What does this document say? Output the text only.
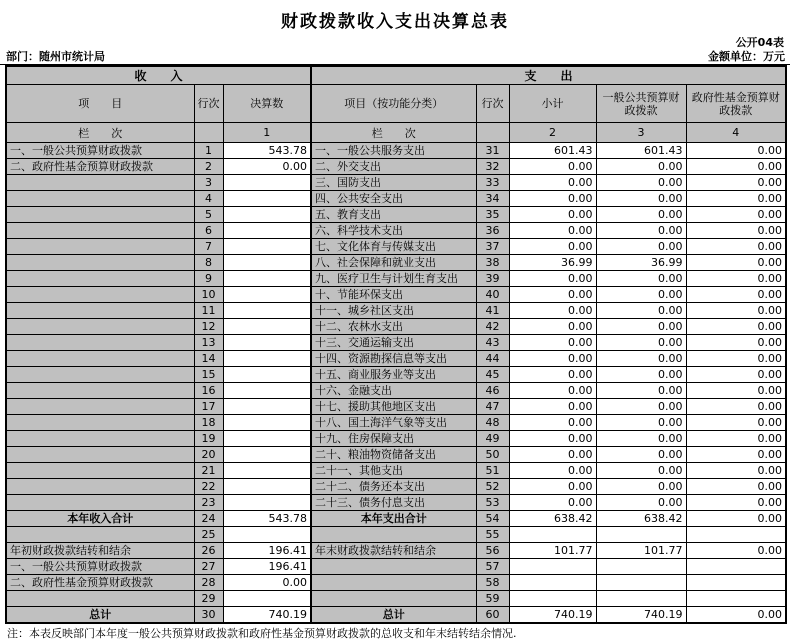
财政拨款收入支出决算总表
公开04表
部门：随州市统计局	金额单位：万元
收　　入			支　　出				
项　　目	行次	决算数	项目（按功能分类）	行次	小计	一般公共预算财政拨款	政府性基金预算财政拨款
栏　　次		1	栏　　次		2	3	4
一、一般公共预算财政拨款	1	543.78	一、一般公共服务支出	31	601.43	601.43	0.00
二、政府性基金预算财政拨款	2	0.00	二、外交支出	32	0.00	0.00	0.00
	3		三、国防支出	33	0.00	0.00	0.00
	4		四、公共安全支出	34	0.00	0.00	0.00
	5		五、教育支出	35	0.00	0.00	0.00
	6		六、科学技术支出	36	0.00	0.00	0.00
	7		七、文化体育与传媒支出	37	0.00	0.00	0.00
	8		八、社会保障和就业支出	38	36.99	36.99	0.00
	9		九、医疗卫生与计划生育支出	39	0.00	0.00	0.00
	10		十、节能环保支出	40	0.00	0.00	0.00
	11		十一、城乡社区支出	41	0.00	0.00	0.00
	12		十二、农林水支出	42	0.00	0.00	0.00
	13		十三、交通运输支出	43	0.00	0.00	0.00
	14		十四、资源勘探信息等支出	44	0.00	0.00	0.00
	15		十五、商业服务业等支出	45	0.00	0.00	0.00
	16		十六、金融支出	46	0.00	0.00	0.00
	17		十七、援助其他地区支出	47	0.00	0.00	0.00
	18		十八、国土海洋气象等支出	48	0.00	0.00	0.00
	19		十九、住房保障支出	49	0.00	0.00	0.00
	20		二十、粮油物资储备支出	50	0.00	0.00	0.00
	21		二十一、其他支出	51	0.00	0.00	0.00
	22		二十二、债务还本支出	52	0.00	0.00	0.00
	23		二十三、债务付息支出	53	0.00	0.00	0.00
本年收入合计	24	543.78	本年支出合计	54	638.42	638.42	0.00
	25			55			
年初财政拨款结转和结余	26	196.41	年末财政拨款结转和结余	56	101.77	101.77	0.00
一、一般公共预算财政拨款	27	196.41		57			
二、政府性基金预算财政拨款	28	0.00		58			
	29			59			
总计	30	740.19	总计	60	740.19	740.19	0.00
注：本表反映部门本年度一般公共预算财政拨款和政府性基金预算财政拨款的总收支和年末结转结余情况.
